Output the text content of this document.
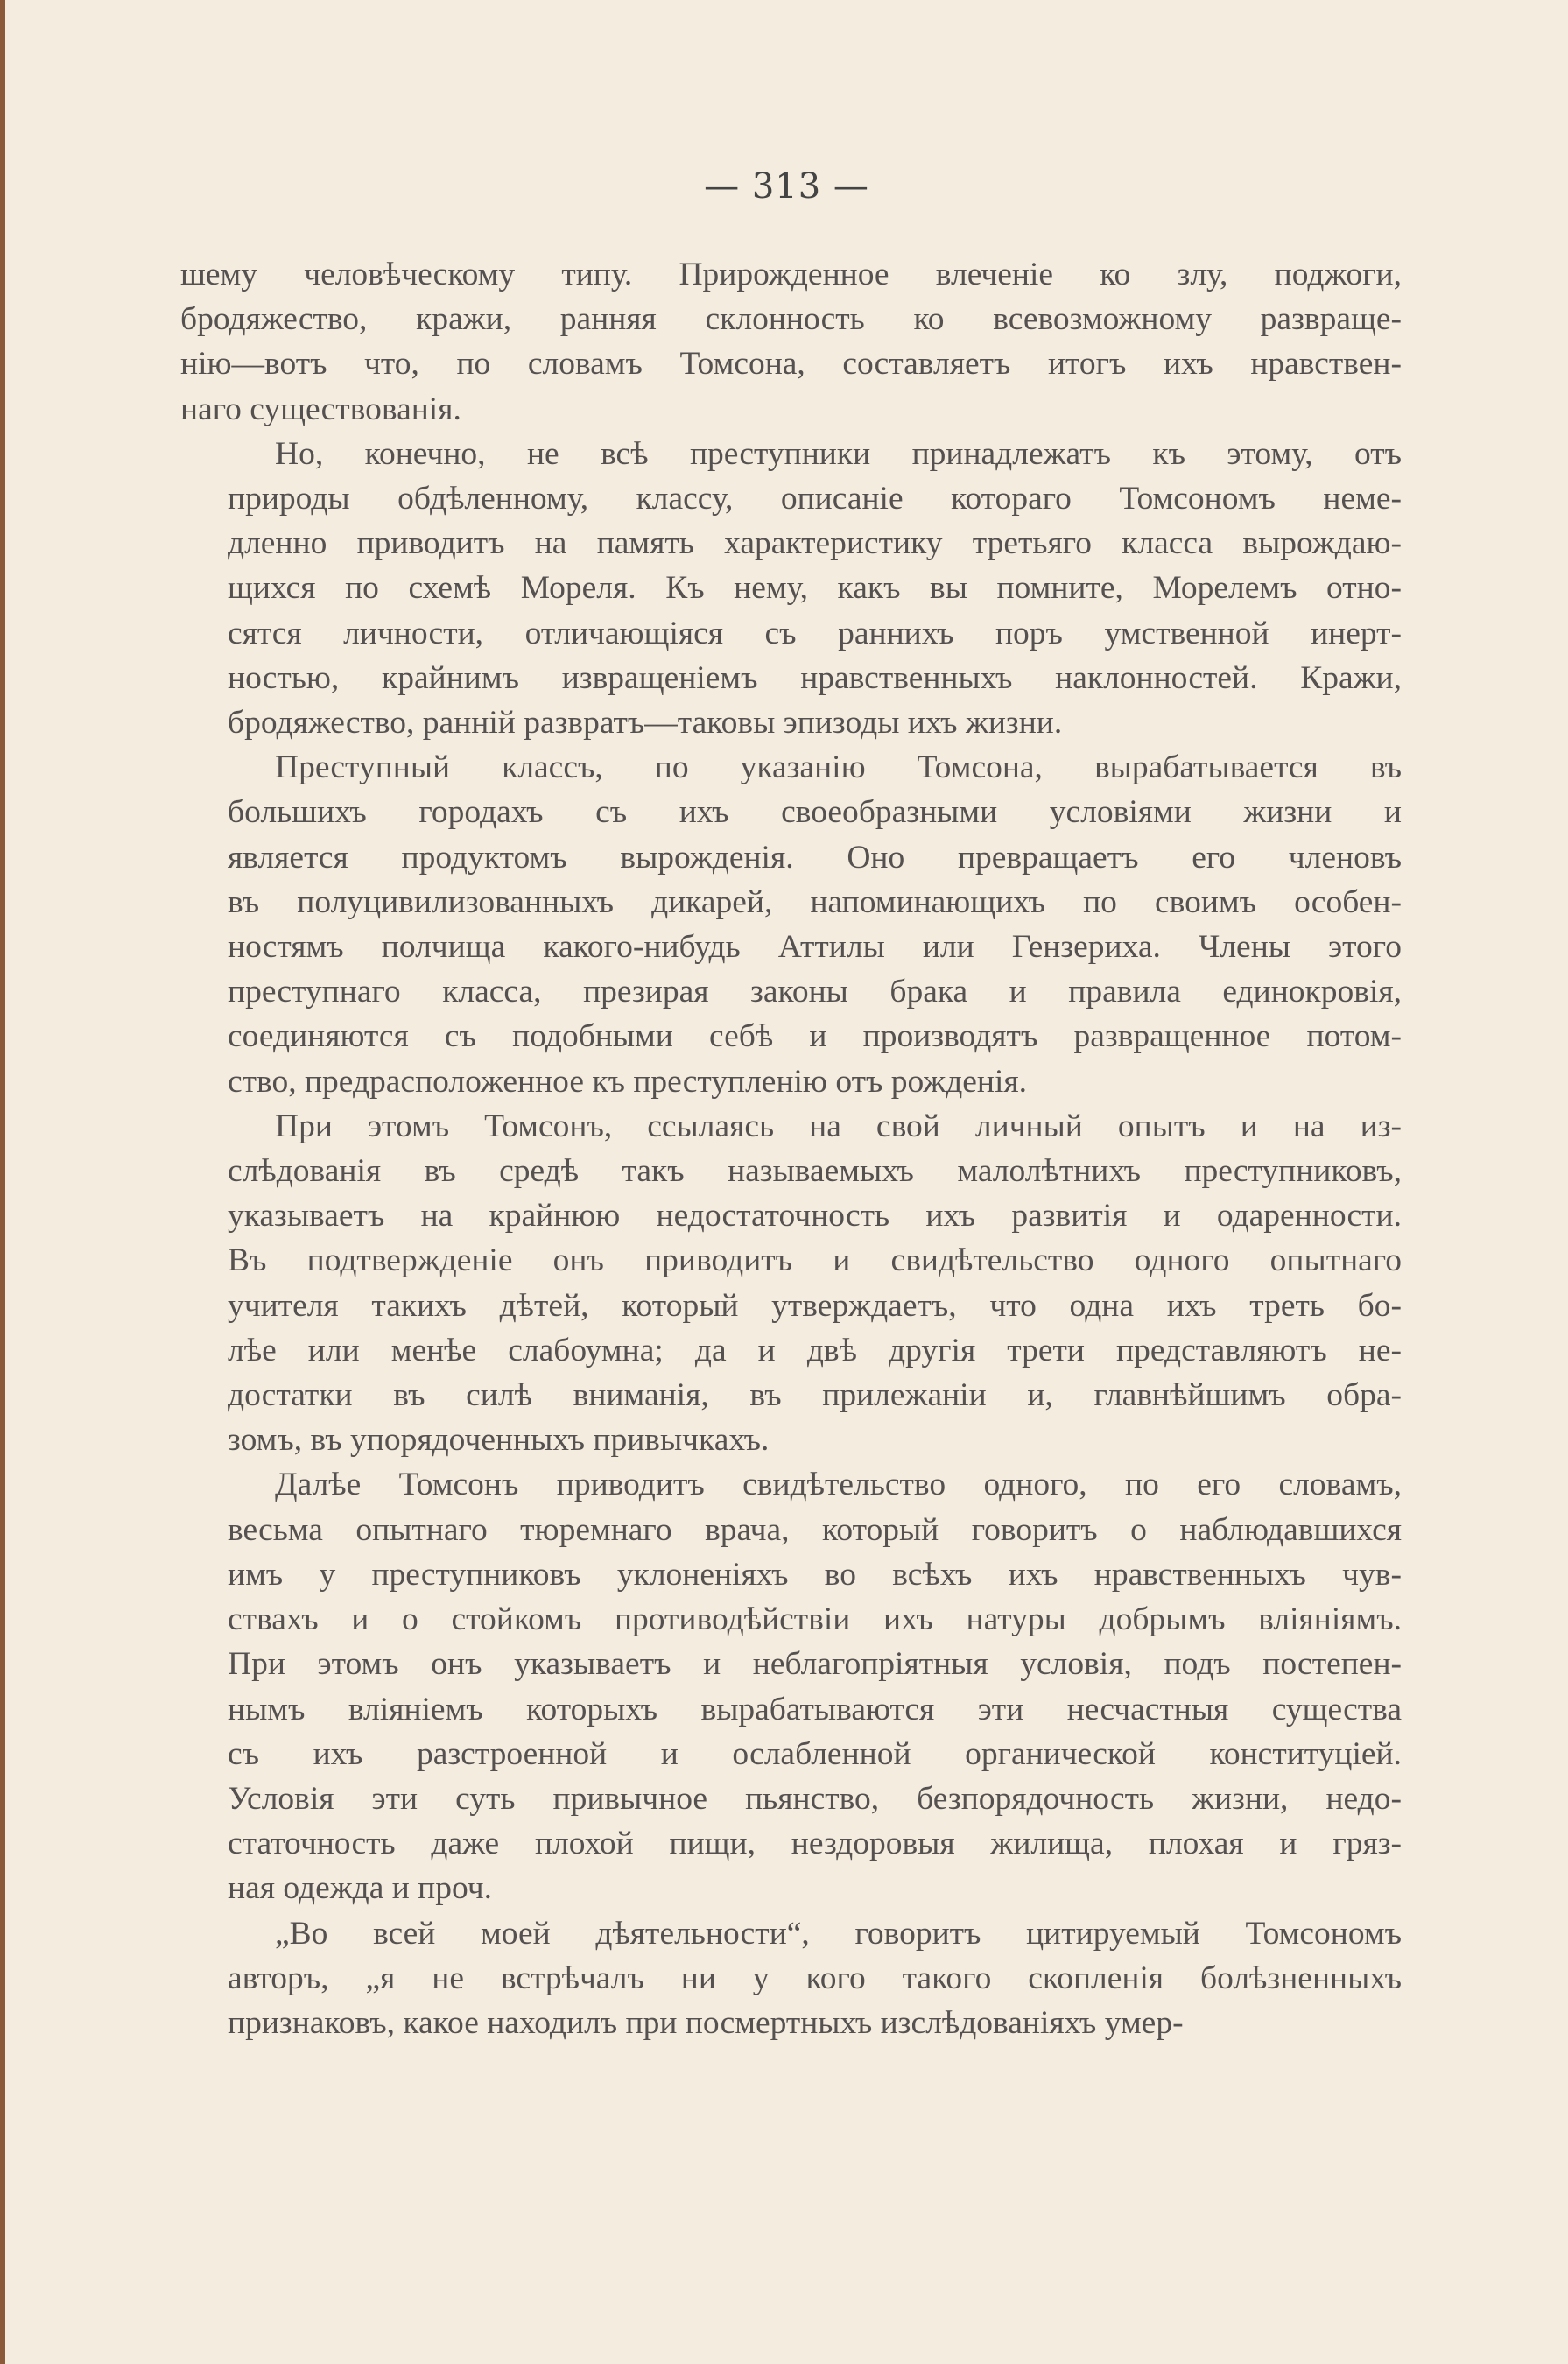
— 313 —
шему человѣческому типу. Прирожденное влеченіе ко злу, поджоги,
бродяжество, кражи, ранняя склонность ко всевозможному развраще-
нію—вотъ что, по словамъ Томсона, составляетъ итогъ ихъ нравствен-
наго существованія.
Но, конечно, не всѣ преступники принадлежатъ къ этому, отъ
природы обдѣленному, классу, описаніе котораго Томсономъ неме-
дленно приводитъ на память характеристику третьяго класса вырождаю-
щихся по схемѣ Мореля. Къ нему, какъ вы помните, Морелемъ отно-
сятся личности, отличающіяся съ раннихъ поръ умственной инерт-
ностью, крайнимъ извращеніемъ нравственныхъ наклонностей. Кражи,
бродяжество, ранній развратъ—таковы эпизоды ихъ жизни.
Преступный классъ, по указанію Томсона, вырабатывается въ
большихъ городахъ съ ихъ своеобразными условіями жизни и
является продуктомъ вырожденія. Оно превращаетъ его членовъ
въ полуцивилизованныхъ дикарей, напоминающихъ по своимъ особен-
ностямъ полчища какого-нибудь Аттилы или Гензериха. Члены этого
преступнаго класса, презирая законы брака и правила единокровія,
соединяются съ подобными себѣ и производятъ развращенное потом-
ство, предрасположенное къ преступленію отъ рожденія.
При этомъ Томсонъ, ссылаясь на свой личный опытъ и на из-
слѣдованія въ средѣ такъ называемыхъ малолѣтнихъ преступниковъ,
указываетъ на крайнюю недостаточность ихъ развитія и одаренности.
Въ подтвержденіе онъ приводитъ и свидѣтельство одного опытнаго
учителя такихъ дѣтей, который утверждаетъ, что одна ихъ треть бо-
лѣе или менѣе слабоумна; да и двѣ другія трети представляютъ не-
достатки въ силѣ вниманія, въ прилежаніи и, главнѣйшимъ обра-
зомъ, въ упорядоченныхъ привычкахъ.
Далѣе Томсонъ приводитъ свидѣтельство одного, по его словамъ,
весьма опытнаго тюремнаго врача, который говоритъ о наблюдавшихся
имъ у преступниковъ уклоненіяхъ во всѣхъ ихъ нравственныхъ чув-
ствахъ и о стойкомъ противодѣйствіи ихъ натуры добрымъ вліяніямъ.
При этомъ онъ указываетъ и неблагопріятныя условія, подъ постепен-
нымъ вліяніемъ которыхъ вырабатываются эти несчастныя существа
съ ихъ разстроенной и ослабленной органической конституціей.
Условія эти суть привычное пьянство, безпорядочность жизни, недо-
статочность даже плохой пищи, нездоровыя жилища, плохая и гряз-
ная одежда и проч.
„Во всей моей дѣятельности“, говоритъ цитируемый Томсономъ
авторъ, „я не встрѣчалъ ни у кого такого скопленія болѣзненныхъ
признаковъ, какое находилъ при посмертныхъ изслѣдованіяхъ умер-
